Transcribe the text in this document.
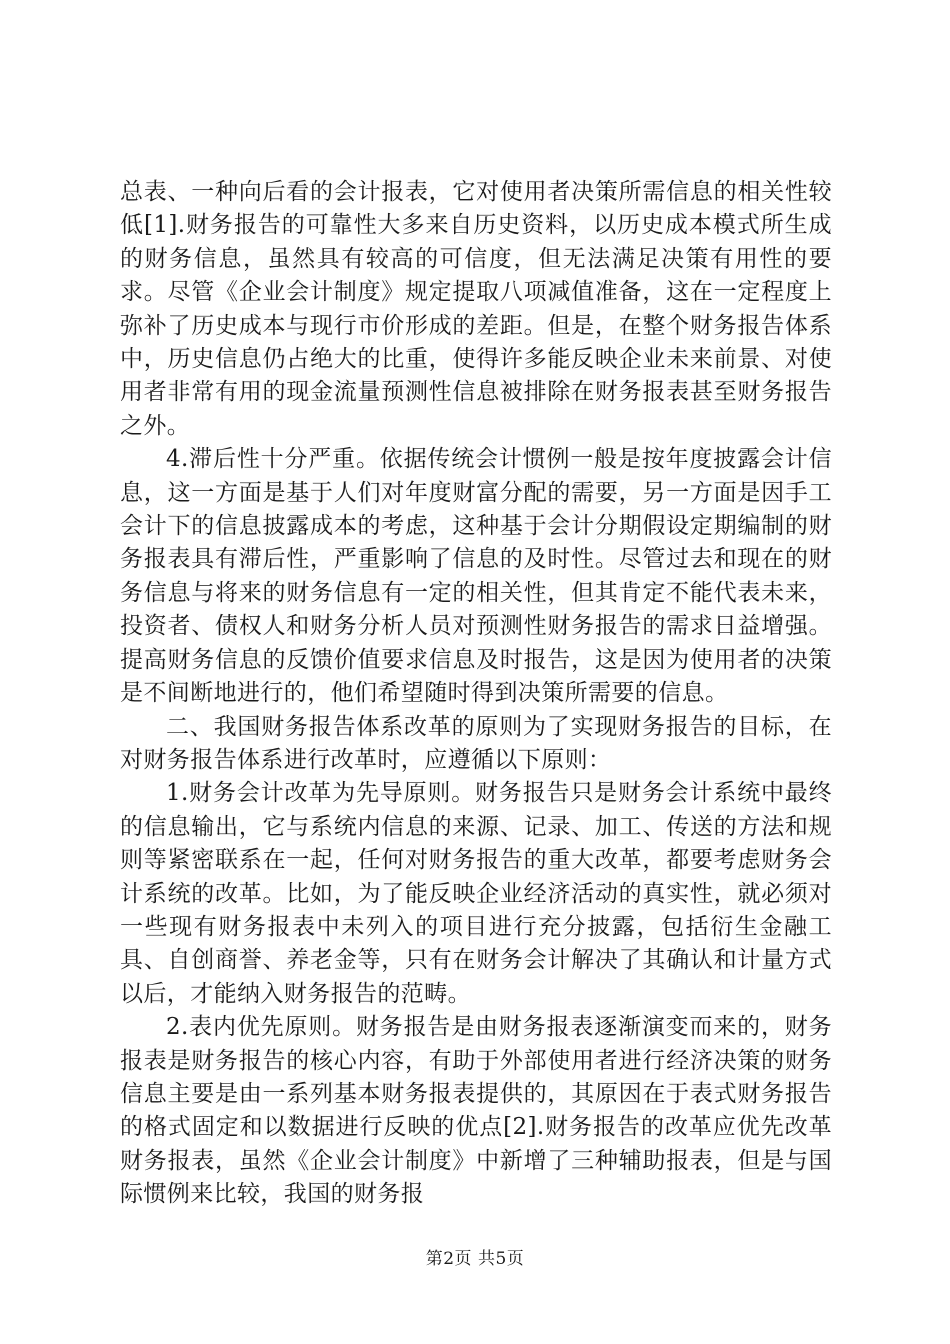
总表、一种向后看的会计报表，它对使用者决策所需信息的相关性较低[1].财务报告的可靠性大多来自历史资料，以历史成本模式所生成的财务信息，虽然具有较高的可信度，但无法满足决策有用性的要求。尽管《企业会计制度》规定提取八项减值准备，这在一定程度上弥补了历史成本与现行市价形成的差距。但是，在整个财务报告体系中，历史信息仍占绝大的比重，使得许多能反映企业未来前景、对使用者非常有用的现金流量预测性信息被排除在财务报表甚至财务报告之外。

4.滞后性十分严重。依据传统会计惯例一般是按年度披露会计信息，这一方面是基于人们对年度财富分配的需要，另一方面是因手工会计下的信息披露成本的考虑，这种基于会计分期假设定期编制的财务报表具有滞后性，严重影响了信息的及时性。尽管过去和现在的财务信息与将来的财务信息有一定的相关性，但其肯定不能代表未来，投资者、债权人和财务分析人员对预测性财务报告的需求日益增强。提高财务信息的反馈价值要求信息及时报告，这是因为使用者的决策是不间断地进行的，他们希望随时得到决策所需要的信息。

二、我国财务报告体系改革的原则为了实现财务报告的目标，在对财务报告体系进行改革时，应遵循以下原则：

1.财务会计改革为先导原则。财务报告只是财务会计系统中最终的信息输出，它与系统内信息的来源、记录、加工、传送的方法和规则等紧密联系在一起，任何对财务报告的重大改革，都要考虑财务会计系统的改革。比如，为了能反映企业经济活动的真实性，就必须对一些现有财务报表中未列入的项目进行充分披露，包括衍生金融工具、自创商誉、养老金等，只有在财务会计解决了其确认和计量方式以后，才能纳入财务报告的范畴。

2.表内优先原则。财务报告是由财务报表逐渐演变而来的，财务报表是财务报告的核心内容，有助于外部使用者进行经济决策的财务信息主要是由一系列基本财务报表提供的，其原因在于表式财务报告的格式固定和以数据进行反映的优点[2].财务报告的改革应优先改革财务报表，虽然《企业会计制度》中新增了三种辅助报表，但是与国际惯例来比较，我国的财务报

第2页 共5页
